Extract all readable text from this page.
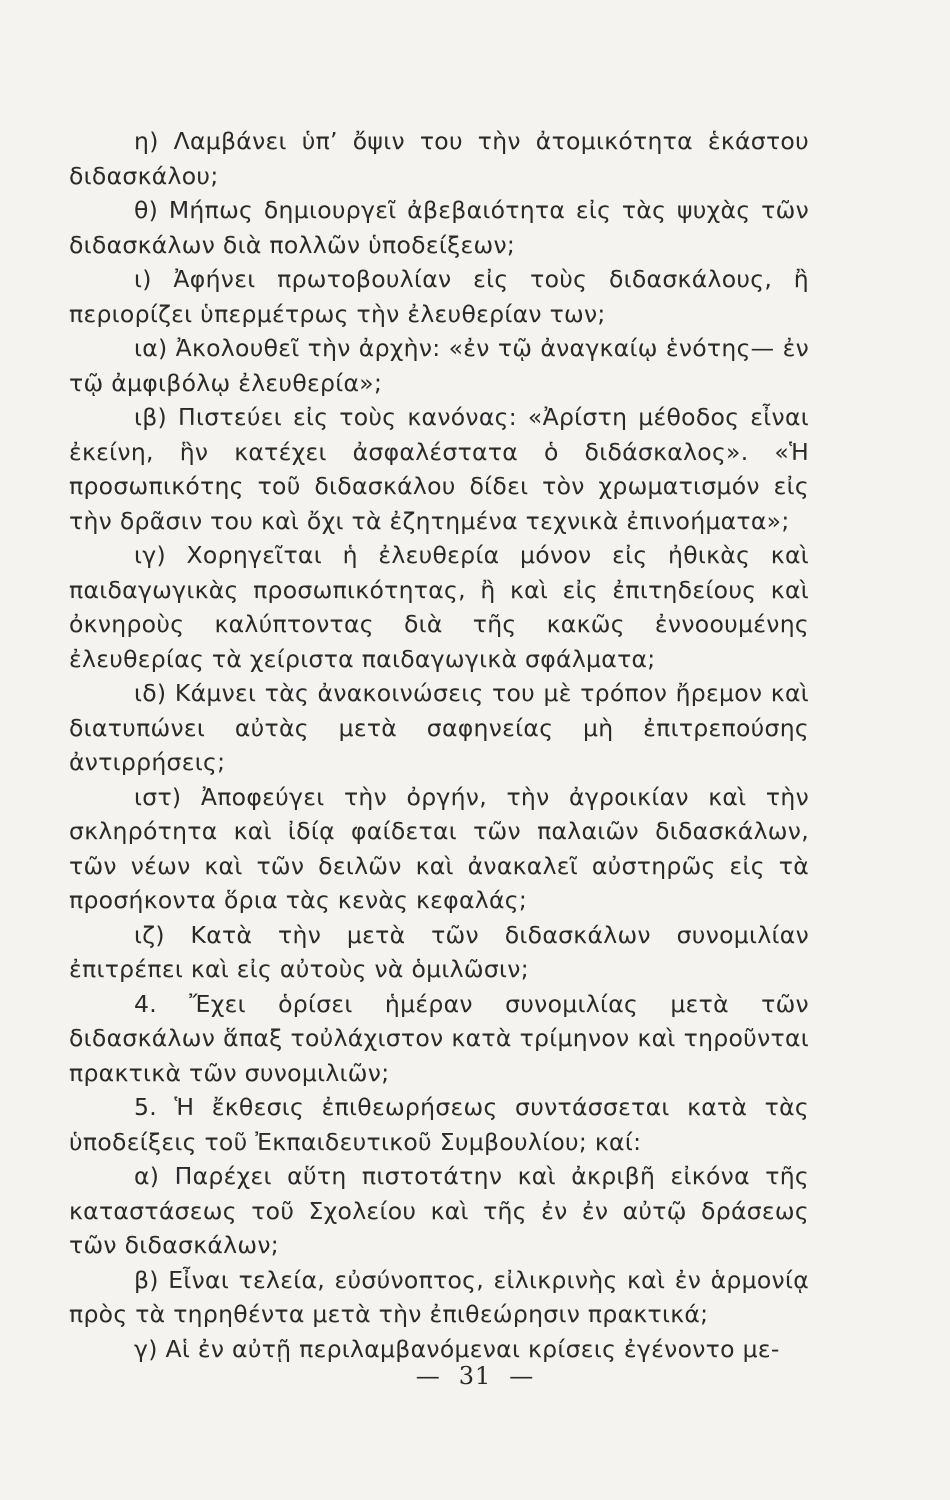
η) Λαμβάνει ὑπ’ ὄψιν του τὴν ἀτομικότητα ἑκάστου διδασκάλου;

θ) Μήπως δημιουργεῖ ἀβεβαιότητα εἰς τὰς ψυχὰς τῶν διδασκάλων διὰ πολλῶν ὑποδείξεων;

ι) Ἀφήνει πρωτοβουλίαν εἰς τοὺς διδασκάλους, ἢ περιορίζει ὑπερμέτρως τὴν ἐλευθερίαν των;

ια) Ἀκολουθεῖ τὴν ἀρχὴν: «ἐν τῷ ἀναγκαίῳ ἑνότης— ἐν τῷ ἀμφιβόλῳ ἐλευθερία»;

ιβ) Πιστεύει εἰς τοὺς κανόνας: «Ἀρίστη μέθοδος εἶναι ἐκείνη, ἣν κατέχει ἀσφαλέστατα ὁ διδάσκαλος». «Ἡ προσωπικότης τοῦ διδασκάλου δίδει τὸν χρωματισμόν εἰς τὴν δρᾶσιν του καὶ ὄχι τὰ ἐζητημένα τεχνικὰ ἐπινοήματα»;

ιγ) Χορηγεῖται ἡ ἐλευθερία μόνον εἰς ἠθικὰς καὶ παιδαγωγικὰς προσωπικότητας, ἢ καὶ εἰς ἐπιτηδείους καὶ ὀκνηροὺς καλύπτοντας διὰ τῆς κακῶς ἐννοουμένης ἐλευθερίας τὰ χείριστα παιδαγωγικὰ σφάλματα;

ιδ) Κάμνει τὰς ἀνακοινώσεις του μὲ τρόπον ἤρεμον καὶ διατυπώνει αὐτὰς μετὰ σαφηνείας μὴ ἐπιτρεπούσης ἀντιρρήσεις;

ιστ) Ἀποφεύγει τὴν ὀργήν, τὴν ἀγροικίαν καὶ τὴν σκληρότητα καὶ ἰδίᾳ φαίδεται τῶν παλαιῶν διδασκάλων, τῶν νέων καὶ τῶν δειλῶν καὶ ἀνακαλεῖ αὐστηρῶς εἰς τὰ προσήκοντα ὅρια τὰς κενὰς κεφαλάς;

ιζ) Κατὰ τὴν μετὰ τῶν διδασκάλων συνομιλίαν ἐπιτρέπει καὶ εἰς αὐτοὺς νὰ ὁμιλῶσιν;

4. Ἔχει ὁρίσει ἡμέραν συνομιλίας μετὰ τῶν διδασκάλων ἅπαξ τοὐλάχιστον κατὰ τρίμηνον καὶ τηροῦνται πρακτικὰ τῶν συνομιλιῶν;

5. Ἡ ἔκθεσις ἐπιθεωρήσεως συντάσσεται κατὰ τὰς ὑποδείξεις τοῦ Ἐκπαιδευτικοῦ Συμβουλίου; καί:

α) Παρέχει αὕτη πιστοτάτην καὶ ἀκριβῆ εἰκόνα τῆς καταστάσεως τοῦ Σχολείου καὶ τῆς ἐν ἐν αὐτῷ δράσεως τῶν διδασκάλων;

β) Εἶναι τελεία, εὐσύνοπτος, εἰλικρινὴς καὶ ἐν ἁρμονίᾳ πρὸς τὰ τηρηθέντα μετὰ τὴν ἐπιθεώρησιν πρακτικά;

γ) Αἱ ἐν αὐτῇ περιλαμβανόμεναι κρίσεις ἐγένοντο με-

— 31 —
